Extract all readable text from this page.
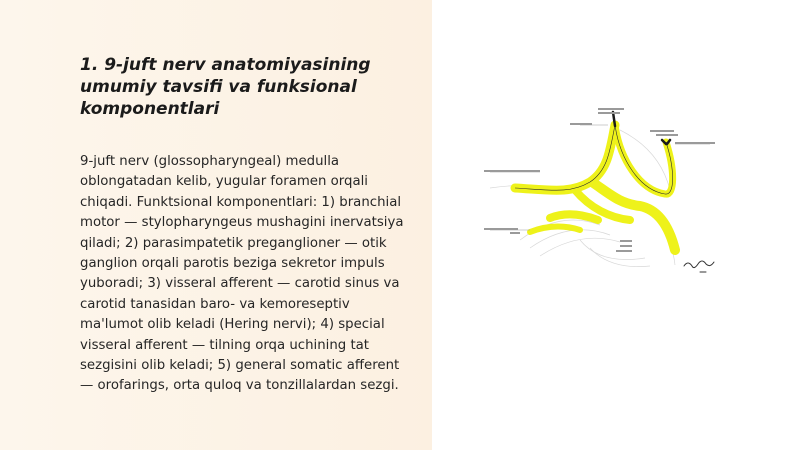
1. 9-juft nerv anatomiyasining umumiy tavsifi va funksional komponentlari

9-juft nerv (glossopharyngeal) medulla oblongatadan kelib, yugular foramen orqali chiqadi. Funktsional komponentlari: 1) branchial motor — stylopharyngeus mushagini inervatsiya qiladi; 2) parasimpatetik preganglioner — otik ganglion orqali parotis beziga sekretor impuls yuboradi; 3) visseral afferent — carotid sinus va carotid tanasidan baro- va kemoreseptiv ma'lumot olib keladi (Hering nervi); 4) special visseral afferent — tilning orqa uchining tat sezgisini olib keladi; 5) general somatic afferent — orofarings, orta quloq va tonzillalardan sezgi.
